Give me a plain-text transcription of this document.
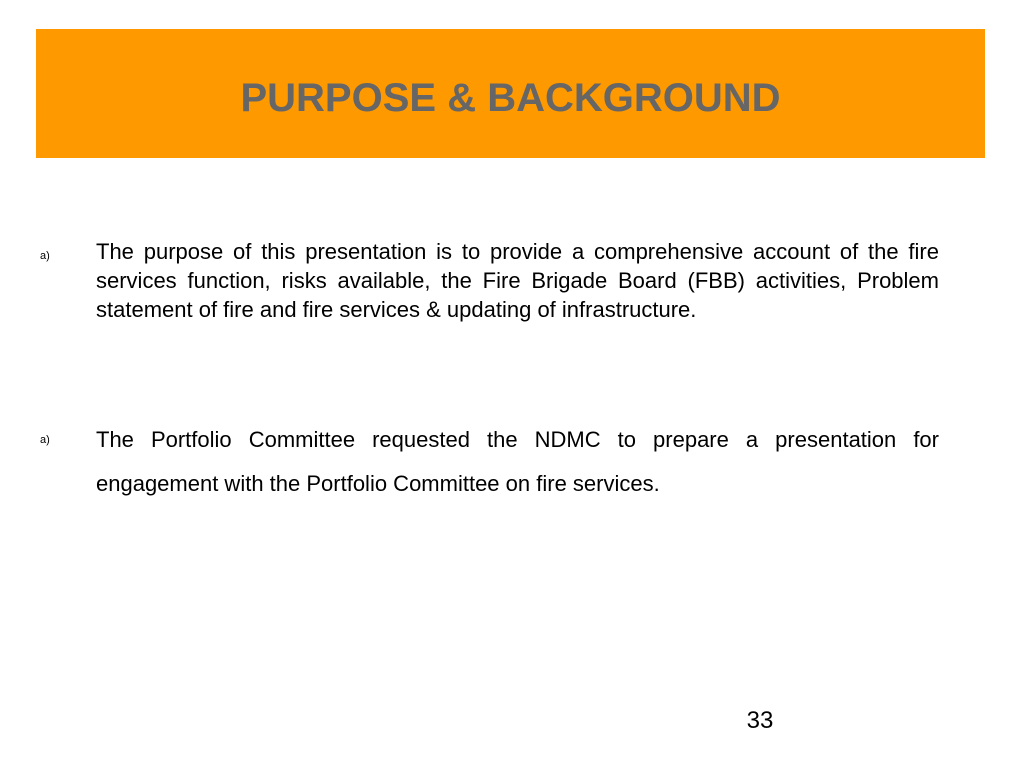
PURPOSE & BACKGROUND
a) The purpose of this presentation is to provide a comprehensive account of the fire services function, risks available, the Fire Brigade Board (FBB) activities, Problem statement of fire and fire services & updating of infrastructure.

a) The Portfolio Committee requested the NDMC to prepare a presentation for engagement with the Portfolio Committee on fire services.

33
